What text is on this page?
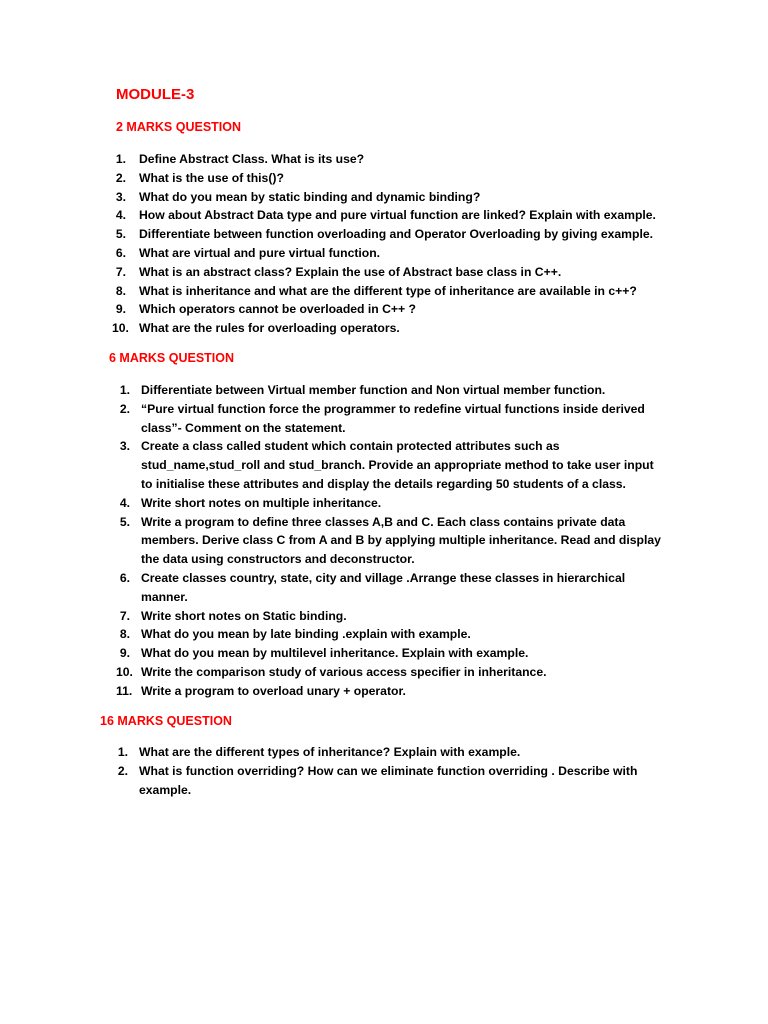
MODULE-3
2 MARKS QUESTION
1. Define Abstract Class. What is its use?
2. What is the use of this()?
3. What do you mean by static binding and dynamic binding?
4. How about Abstract Data type and pure virtual function are linked? Explain with example.
5. Differentiate between function overloading and Operator Overloading by giving example.
6. What are virtual and pure virtual function.
7. What is an abstract class? Explain the use of Abstract base class in C++.
8. What is inheritance and what are the different type of inheritance are available in c++?
9. Which operators cannot be overloaded in C++ ?
10. What are the rules for overloading operators.
6 MARKS QUESTION
1. Differentiate between Virtual member function and Non virtual member function.
2. “Pure virtual function force the programmer to redefine virtual functions inside derived
class”- Comment on the statement.
3. Create a class called student which contain protected attributes such as
stud_name,stud_roll and stud_branch. Provide an appropriate method to take user input
to initialise these attributes and display the details regarding 50 students of a class.
4. Write short notes on multiple inheritance.
5. Write a program to define three classes A,B and C. Each class contains private data
members. Derive class C from A and B by applying multiple inheritance. Read and display
the data using constructors and deconstructor.
6. Create classes country, state, city and village .Arrange these classes in hierarchical
manner.
7. Write short notes on Static binding.
8. What do you mean by late binding .explain with example.
9. What do you mean by multilevel inheritance. Explain with example.
10. Write the comparison study of various access specifier in inheritance.
11. Write a program to overload unary + operator.
16 MARKS QUESTION
1. What are the different types of inheritance? Explain with example.
2. What is function overriding? How can we eliminate function overriding . Describe with
example.
